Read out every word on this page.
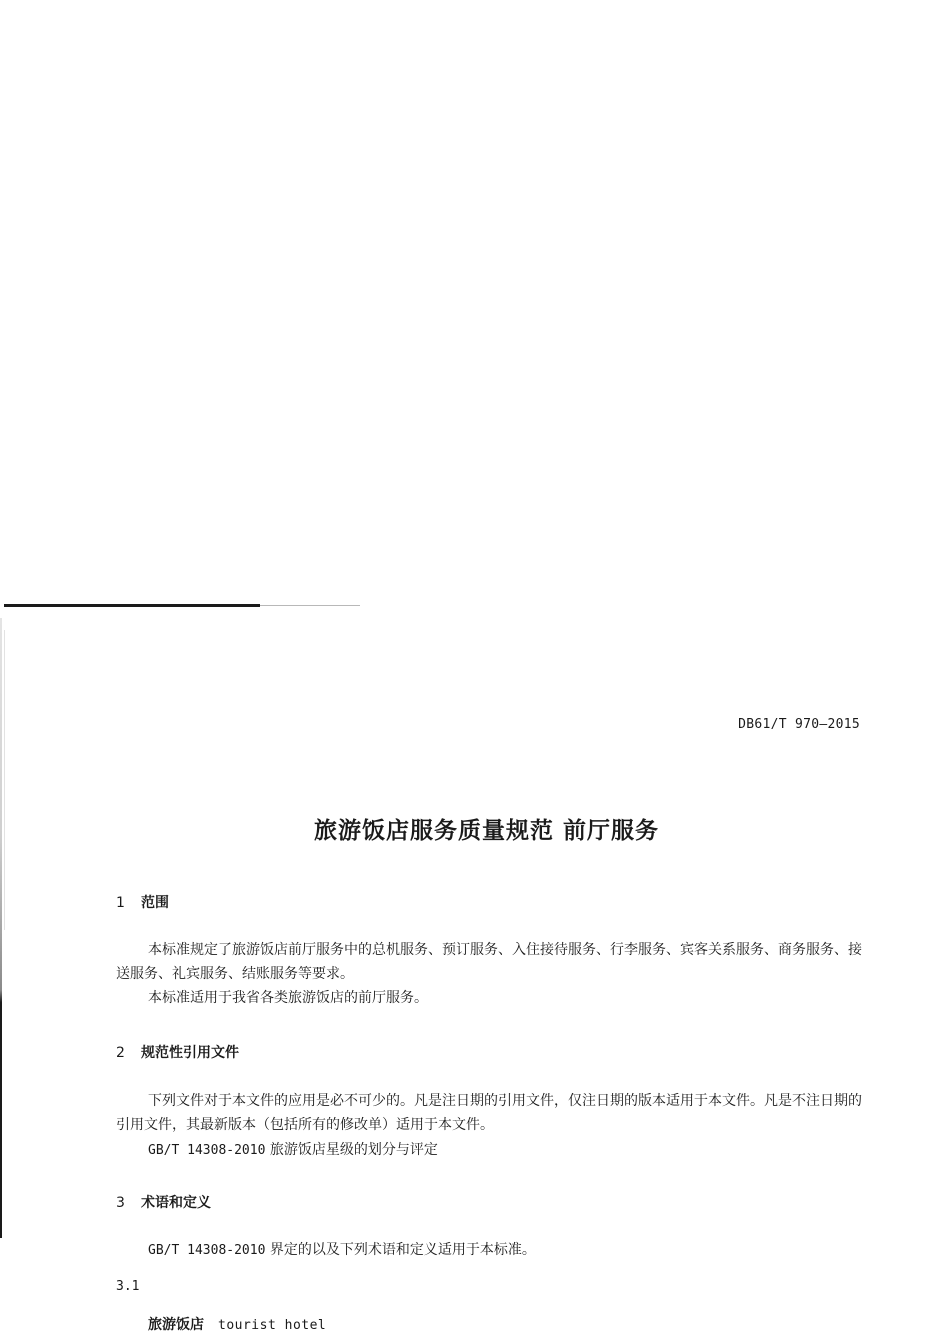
DB61/T 970—2015

旅游饭店服务质量规范 前厅服务
1 范围

本标准规定了旅游饭店前厅服务中的总机服务、预订服务、入住接待服务、行李服务、宾客关系服务、商务服务、接送服务、礼宾服务、结账服务等要求。

本标准适用于我省各类旅游饭店的前厅服务。

2 规范性引用文件

下列文件对于本文件的应用是必不可少的。凡是注日期的引用文件，仅注日期的版本适用于本文件。凡是不注日期的引用文件，其最新版本（包括所有的修改单）适用于本文件。

GB/T 14308-2010 旅游饭店星级的划分与评定

3 术语和定义

GB/T 14308-2010 界定的以及下列术语和定义适用于本标准。

3.1

旅游饭店 tourist hotel
